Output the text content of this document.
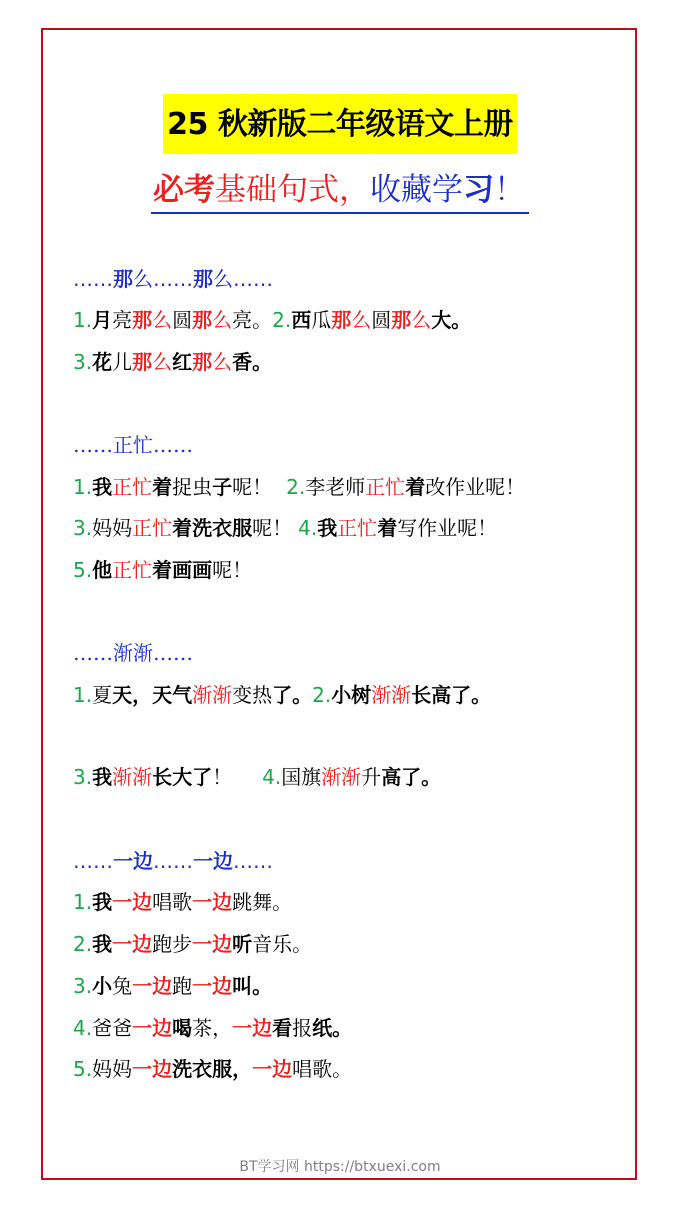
25 秋新版二年级语文上册
必考基础句式，收藏学习！
……那么……那么……
1.月亮那么圆那么亮。2.西瓜那么圆那么大。
3.花儿那么红那么香。
……正忙……
1.我正忙着捉虫子呢！ 2.李老师正忙着改作业呢！
3.妈妈正忙着洗衣服呢！ 4.我正忙着写作业呢！
5.他正忙着画画呢！
……渐渐……
1.夏天，天气渐渐变热了。2.小树渐渐长高了。
3.我渐渐长大了！ 4.国旗渐渐升高了。
……一边……一边……
1.我一边唱歌一边跳舞。
2.我一边跑步一边听音乐。
3.小兔一边跑一边叫。
4.爸爸一边喝茶，一边看报纸。
5.妈妈一边洗衣服，一边唱歌。
BT学习网 https://btxuexi.com
